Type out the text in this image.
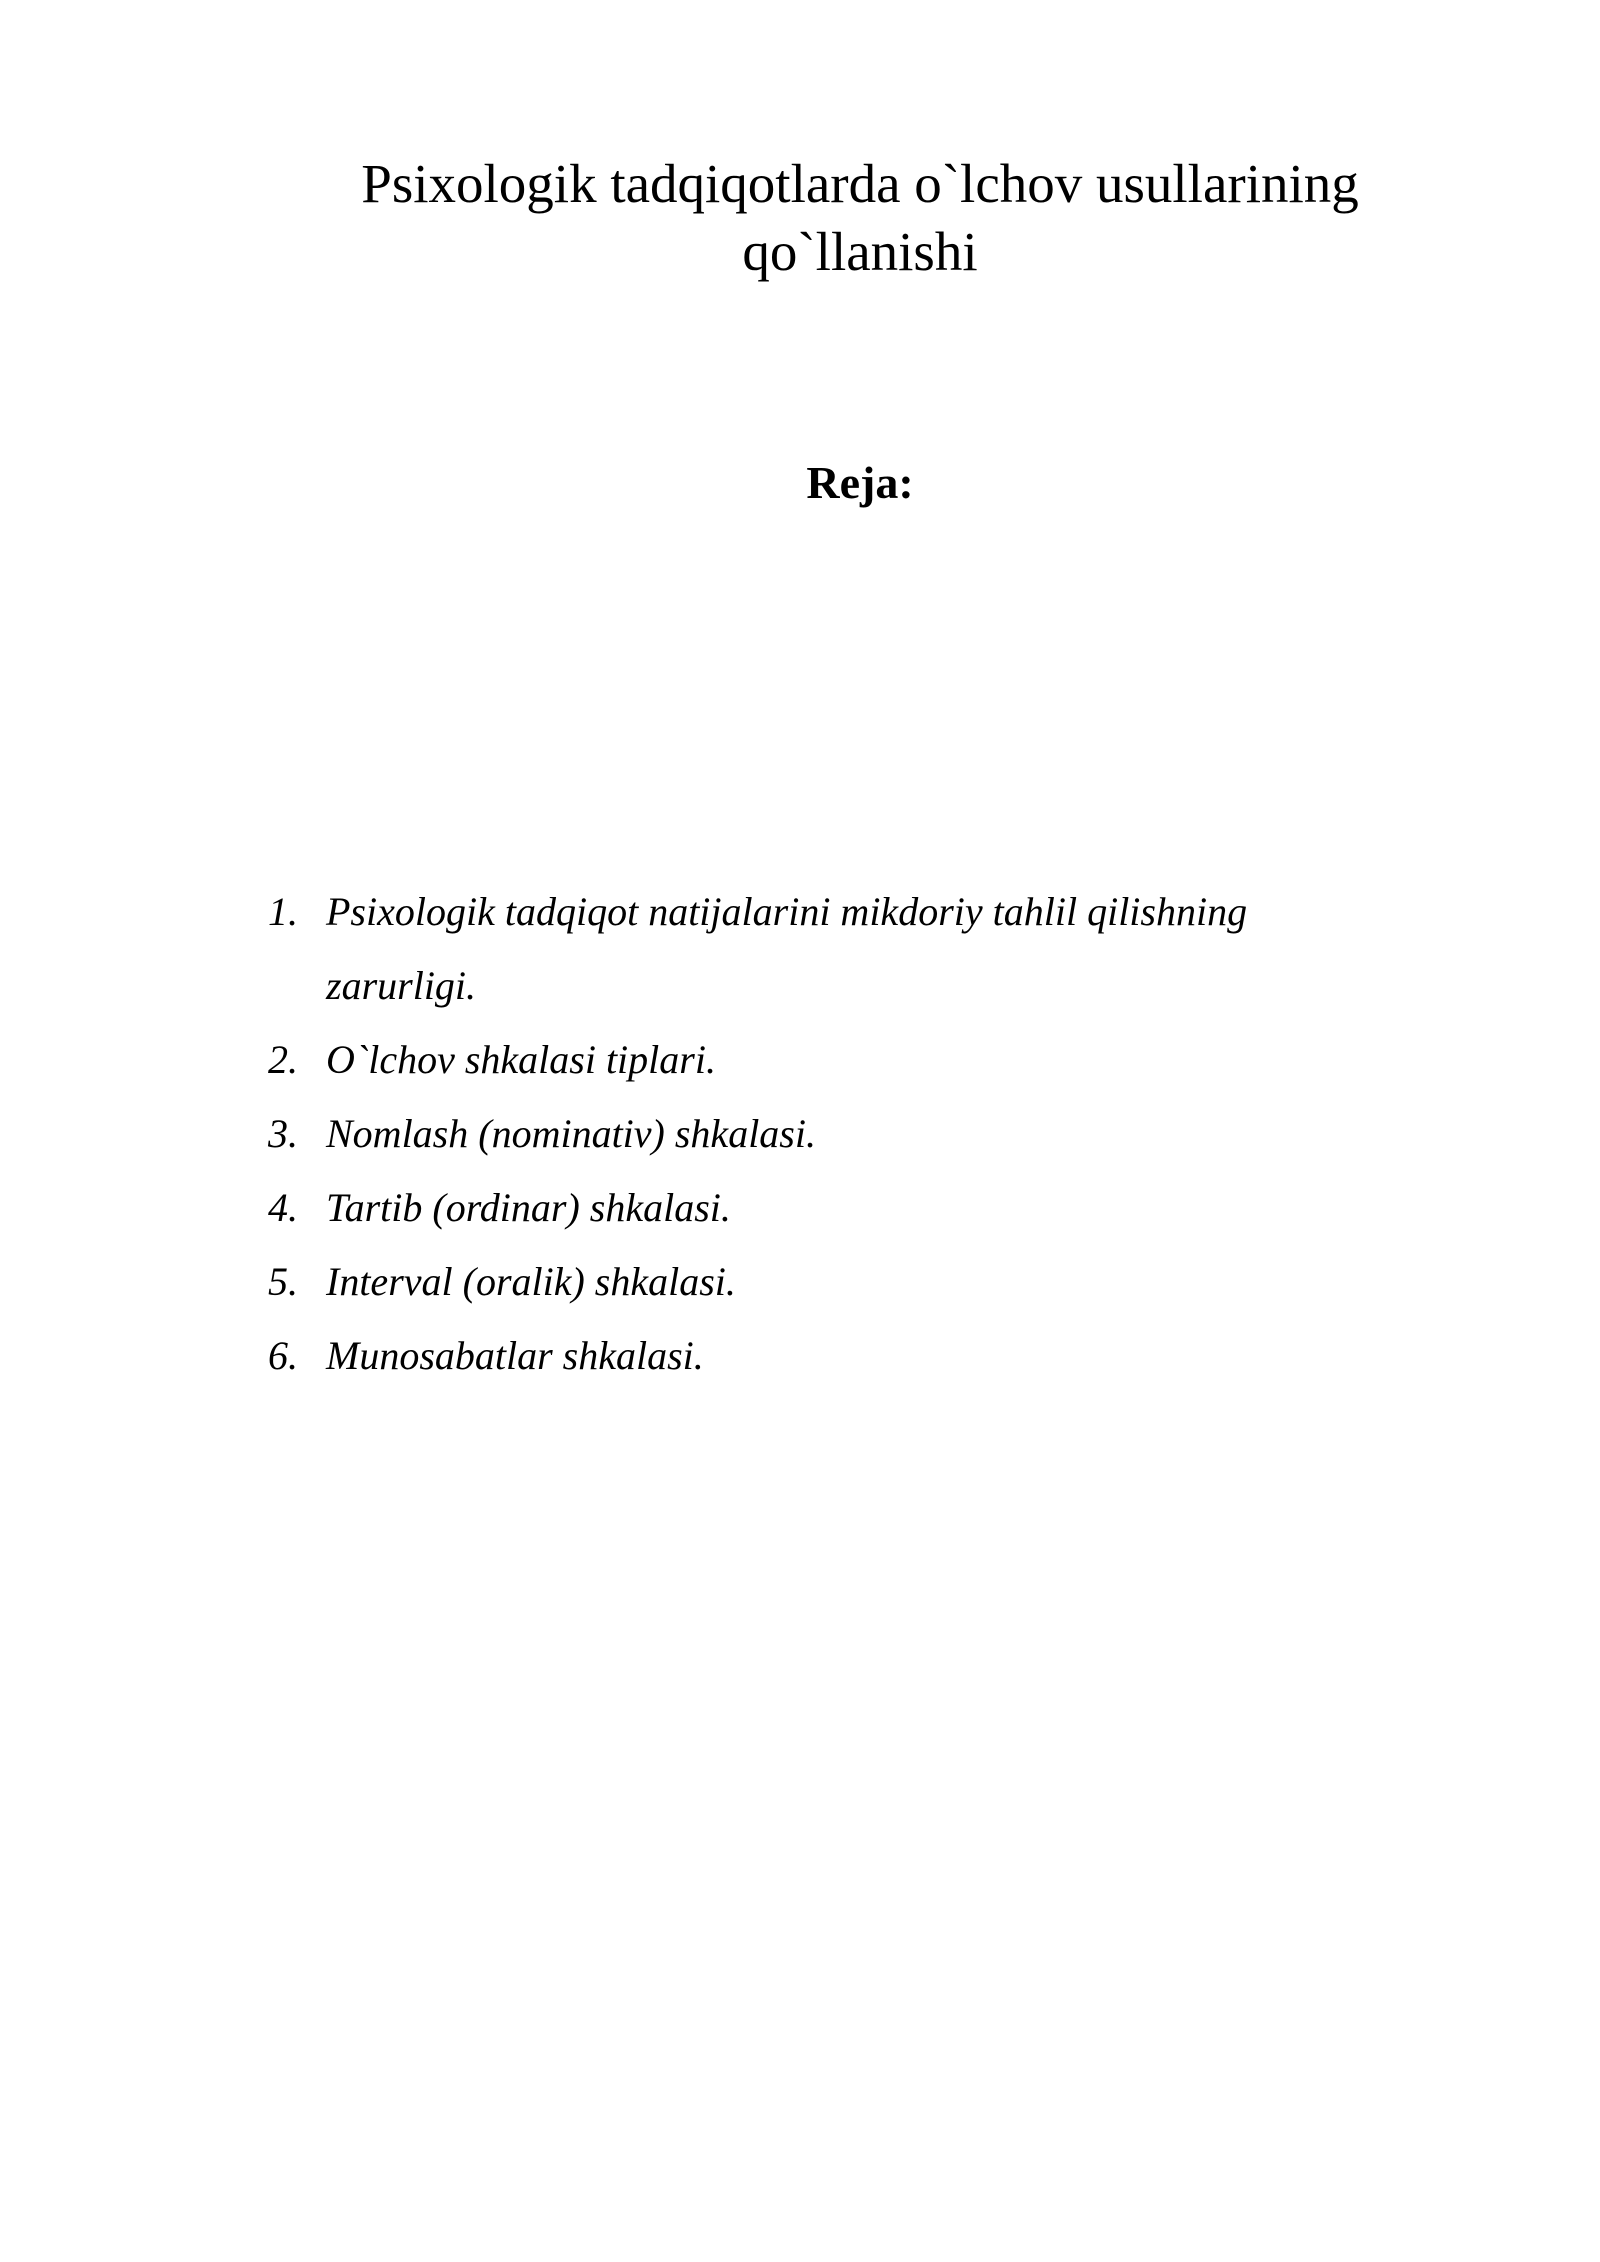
Psixologik tadqiqotlarda o`lchov usullarining qo`llanishi
Reja:
1. Psixologik tadqiqot natijalarini mikdoriy tahlil qilishning zarurligi.
2. O`lchov shkalasi tiplari.
3. Nomlash (nominativ) shkalasi.
4. Tartib (ordinar) shkalasi.
5. Interval (oralik) shkalasi.
6. Munosabatlar shkalasi.
